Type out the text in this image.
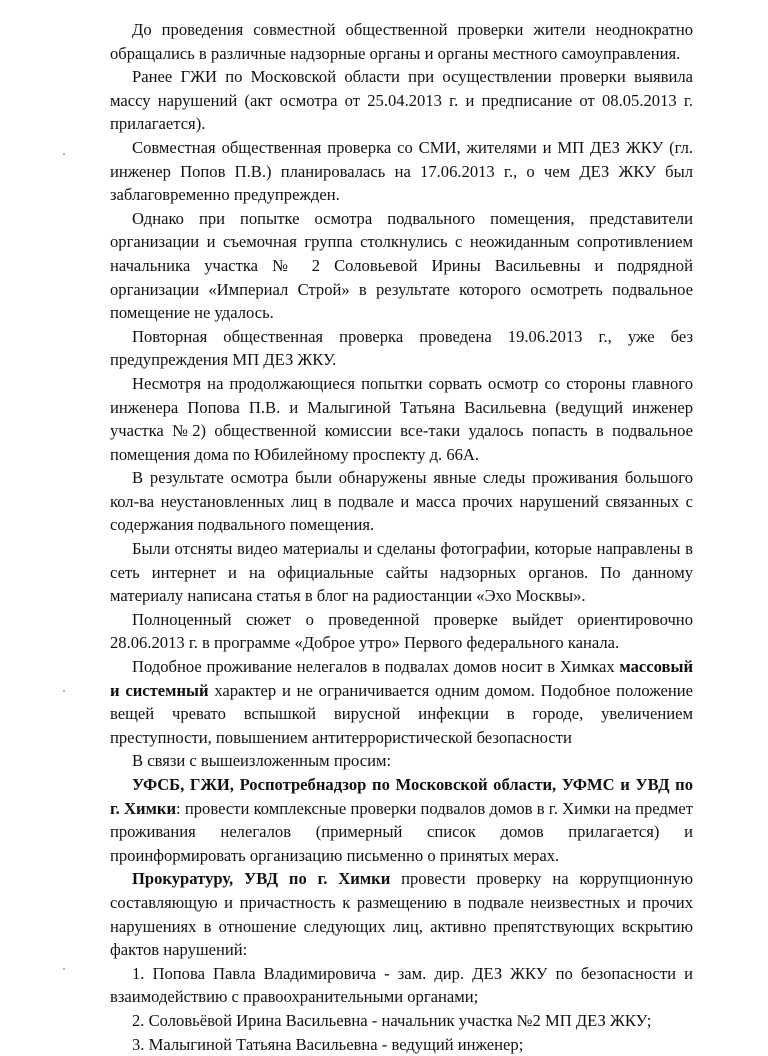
До проведения совместной общественной проверки жители неоднократно обращались в различные надзорные органы и органы местного самоуправления.

Ранее ГЖИ по Московской области при осуществлении проверки выявила массу нарушений (акт осмотра от 25.04.2013 г. и предписание от 08.05.2013 г. прилагается).

Совместная общественная проверка со СМИ, жителями и МП ДЕЗ ЖКУ (гл. инженер Попов П.В.) планировалась на 17.06.2013 г., о чем ДЕЗ ЖКУ был заблаговременно предупрежден.

Однако при попытке осмотра подвального помещения, представители организации и съемочная группа столкнулись с неожиданным сопротивлением начальника участка № 2 Соловьевой Ирины Васильевны и подрядной организации «Империал Строй» в результате которого осмотреть подвальное помещение не удалось.

Повторная общественная проверка проведена 19.06.2013 г., уже без предупреждения МП ДЕЗ ЖКУ.

Несмотря на продолжающиеся попытки сорвать осмотр со стороны главного инженера Попова П.В. и Малыгиной Татьяна Васильевна (ведущий инженер участка №2) общественной комиссии все-таки удалось попасть в подвальное помещения дома по Юбилейному проспекту д. 66А.

В результате осмотра были обнаружены явные следы проживания большого кол-ва неустановленных лиц в подвале и масса прочих нарушений связанных с содержания подвального помещения.

Были отсняты видео материалы и сделаны фотографии, которые направлены в сеть интернет и на официальные сайты надзорных органов. По данному материалу написана статья в блог на радиостанции «Эхо Москвы».

Полноценный сюжет о проведенной проверке выйдет ориентировочно 28.06.2013 г. в программе «Доброе утро» Первого федерального канала.

Подобное проживание нелегалов в подвалах домов носит в Химках массовый и системный характер и не ограничивается одним домом. Подобное положение вещей чревато вспышкой вирусной инфекции в городе, увеличением преступности, повышением антитеррористической безопасности

В связи с вышеизложенным просим:

УФСБ, ГЖИ, Роспотребнадзор по Московской области, УФМС и УВД по г. Химки: провести комплексные проверки подвалов домов в г. Химки на предмет проживания нелегалов (примерный список домов прилагается) и проинформировать организацию письменно о принятых мерах.

Прокуратуру, УВД по г. Химки провести проверку на коррупционную составляющую и причастность к размещению в подвале неизвестных и прочих нарушениях в отношение следующих лиц, активно препятствующих вскрытию фактов нарушений:

1. Попова Павла Владимировича - зам. дир. ДЕЗ ЖКУ по безопасности и взаимодействию с правоохранительными органами;

2. Соловьёвой Ирина Васильевна - начальник участка №2 МП ДЕЗ ЖКУ;

3. Малыгиной Татьяна Васильевна - ведущий инженер;
